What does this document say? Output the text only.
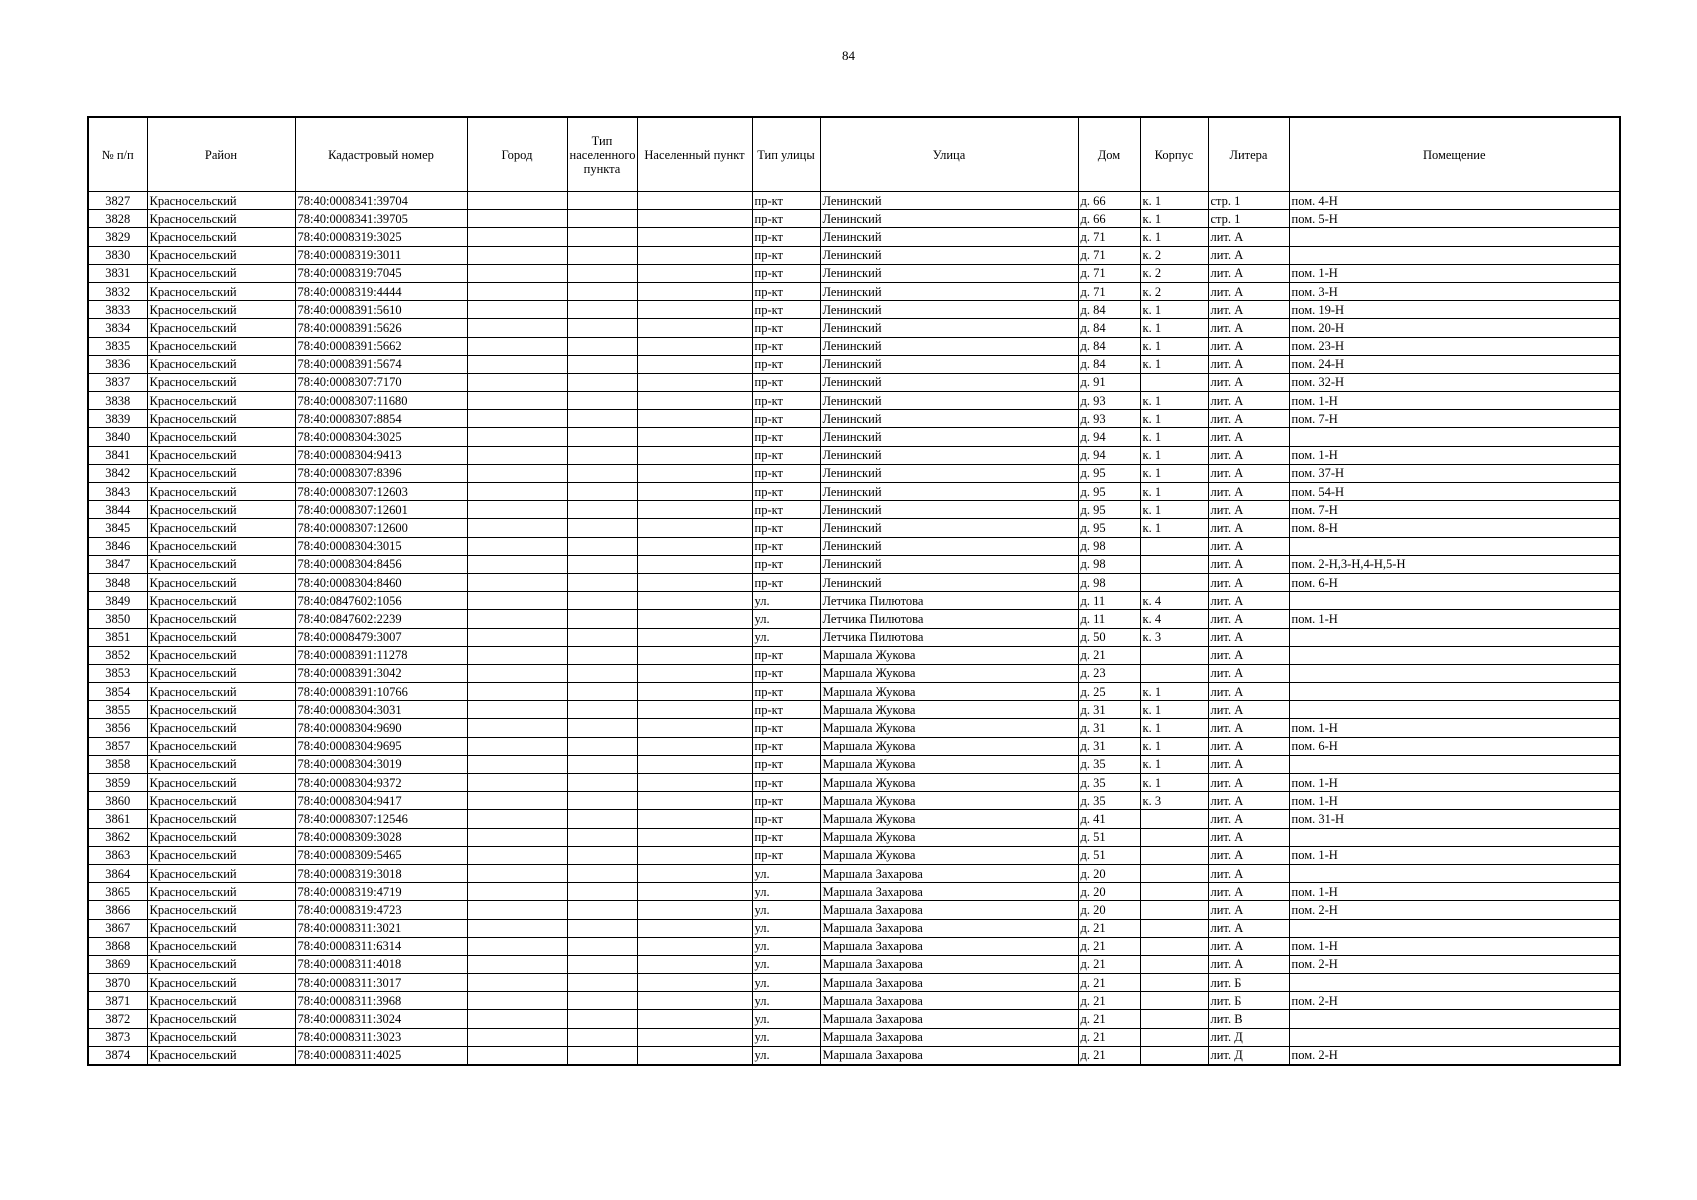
84
№ п/п	Район	Кадастровый номер	Город	Тип населенного пункта	Населенный пункт	Тип улицы	Улица	Дом	Корпус	Литера	Помещение
3827	Красносельский	78:40:0008341:39704				пр-кт	Ленинский	д. 66	к. 1	стр. 1	пом. 4-Н
3828	Красносельский	78:40:0008341:39705				пр-кт	Ленинский	д. 66	к. 1	стр. 1	пом. 5-Н
3829	Красносельский	78:40:0008319:3025				пр-кт	Ленинский	д. 71	к. 1	лит. А	
3830	Красносельский	78:40:0008319:3011				пр-кт	Ленинский	д. 71	к. 2	лит. А	
3831	Красносельский	78:40:0008319:7045				пр-кт	Ленинский	д. 71	к. 2	лит. А	пом. 1-Н
3832	Красносельский	78:40:0008319:4444				пр-кт	Ленинский	д. 71	к. 2	лит. А	пом. 3-Н
3833	Красносельский	78:40:0008391:5610				пр-кт	Ленинский	д. 84	к. 1	лит. А	пом. 19-Н
3834	Красносельский	78:40:0008391:5626				пр-кт	Ленинский	д. 84	к. 1	лит. А	пом. 20-Н
3835	Красносельский	78:40:0008391:5662				пр-кт	Ленинский	д. 84	к. 1	лит. А	пом. 23-Н
3836	Красносельский	78:40:0008391:5674				пр-кт	Ленинский	д. 84	к. 1	лит. А	пом. 24-Н
3837	Красносельский	78:40:0008307:7170				пр-кт	Ленинский	д. 91		лит. А	пом. 32-Н
3838	Красносельский	78:40:0008307:11680				пр-кт	Ленинский	д. 93	к. 1	лит. А	пом. 1-Н
3839	Красносельский	78:40:0008307:8854				пр-кт	Ленинский	д. 93	к. 1	лит. А	пом. 7-Н
3840	Красносельский	78:40:0008304:3025				пр-кт	Ленинский	д. 94	к. 1	лит. А	
3841	Красносельский	78:40:0008304:9413				пр-кт	Ленинский	д. 94	к. 1	лит. А	пом. 1-Н
3842	Красносельский	78:40:0008307:8396				пр-кт	Ленинский	д. 95	к. 1	лит. А	пом. 37-Н
3843	Красносельский	78:40:0008307:12603				пр-кт	Ленинский	д. 95	к. 1	лит. А	пом. 54-Н
3844	Красносельский	78:40:0008307:12601				пр-кт	Ленинский	д. 95	к. 1	лит. А	пом. 7-Н
3845	Красносельский	78:40:0008307:12600				пр-кт	Ленинский	д. 95	к. 1	лит. А	пом. 8-Н
3846	Красносельский	78:40:0008304:3015				пр-кт	Ленинский	д. 98		лит. А	
3847	Красносельский	78:40:0008304:8456				пр-кт	Ленинский	д. 98		лит. А	пом. 2-Н,3-Н,4-Н,5-Н
3848	Красносельский	78:40:0008304:8460				пр-кт	Ленинский	д. 98		лит. А	пом. 6-Н
3849	Красносельский	78:40:0847602:1056				ул.	Летчика Пилютова	д. 11	к. 4	лит. А	
3850	Красносельский	78:40:0847602:2239				ул.	Летчика Пилютова	д. 11	к. 4	лит. А	пом. 1-Н
3851	Красносельский	78:40:0008479:3007				ул.	Летчика Пилютова	д. 50	к. 3	лит. А	
3852	Красносельский	78:40:0008391:11278				пр-кт	Маршала Жукова	д. 21		лит. А	
3853	Красносельский	78:40:0008391:3042				пр-кт	Маршала Жукова	д. 23		лит. А	
3854	Красносельский	78:40:0008391:10766				пр-кт	Маршала Жукова	д. 25	к. 1	лит. А	
3855	Красносельский	78:40:0008304:3031				пр-кт	Маршала Жукова	д. 31	к. 1	лит. А	
3856	Красносельский	78:40:0008304:9690				пр-кт	Маршала Жукова	д. 31	к. 1	лит. А	пом. 1-Н
3857	Красносельский	78:40:0008304:9695				пр-кт	Маршала Жукова	д. 31	к. 1	лит. А	пом. 6-Н
3858	Красносельский	78:40:0008304:3019				пр-кт	Маршала Жукова	д. 35	к. 1	лит. А	
3859	Красносельский	78:40:0008304:9372				пр-кт	Маршала Жукова	д. 35	к. 1	лит. А	пом. 1-Н
3860	Красносельский	78:40:0008304:9417				пр-кт	Маршала Жукова	д. 35	к. 3	лит. А	пом. 1-Н
3861	Красносельский	78:40:0008307:12546				пр-кт	Маршала Жукова	д. 41		лит. А	пом. 31-Н
3862	Красносельский	78:40:0008309:3028				пр-кт	Маршала Жукова	д. 51		лит. А	
3863	Красносельский	78:40:0008309:5465				пр-кт	Маршала Жукова	д. 51		лит. А	пом. 1-Н
3864	Красносельский	78:40:0008319:3018				ул.	Маршала Захарова	д. 20		лит. А	
3865	Красносельский	78:40:0008319:4719				ул.	Маршала Захарова	д. 20		лит. А	пом. 1-Н
3866	Красносельский	78:40:0008319:4723				ул.	Маршала Захарова	д. 20		лит. А	пом. 2-Н
3867	Красносельский	78:40:0008311:3021				ул.	Маршала Захарова	д. 21		лит. А	
3868	Красносельский	78:40:0008311:6314				ул.	Маршала Захарова	д. 21		лит. А	пом. 1-Н
3869	Красносельский	78:40:0008311:4018				ул.	Маршала Захарова	д. 21		лит. А	пом. 2-Н
3870	Красносельский	78:40:0008311:3017				ул.	Маршала Захарова	д. 21		лит. Б	
3871	Красносельский	78:40:0008311:3968				ул.	Маршала Захарова	д. 21		лит. Б	пом. 2-Н
3872	Красносельский	78:40:0008311:3024				ул.	Маршала Захарова	д. 21		лит. В	
3873	Красносельский	78:40:0008311:3023				ул.	Маршала Захарова	д. 21		лит. Д	
3874	Красносельский	78:40:0008311:4025				ул.	Маршала Захарова	д. 21		лит. Д	пом. 2-Н
